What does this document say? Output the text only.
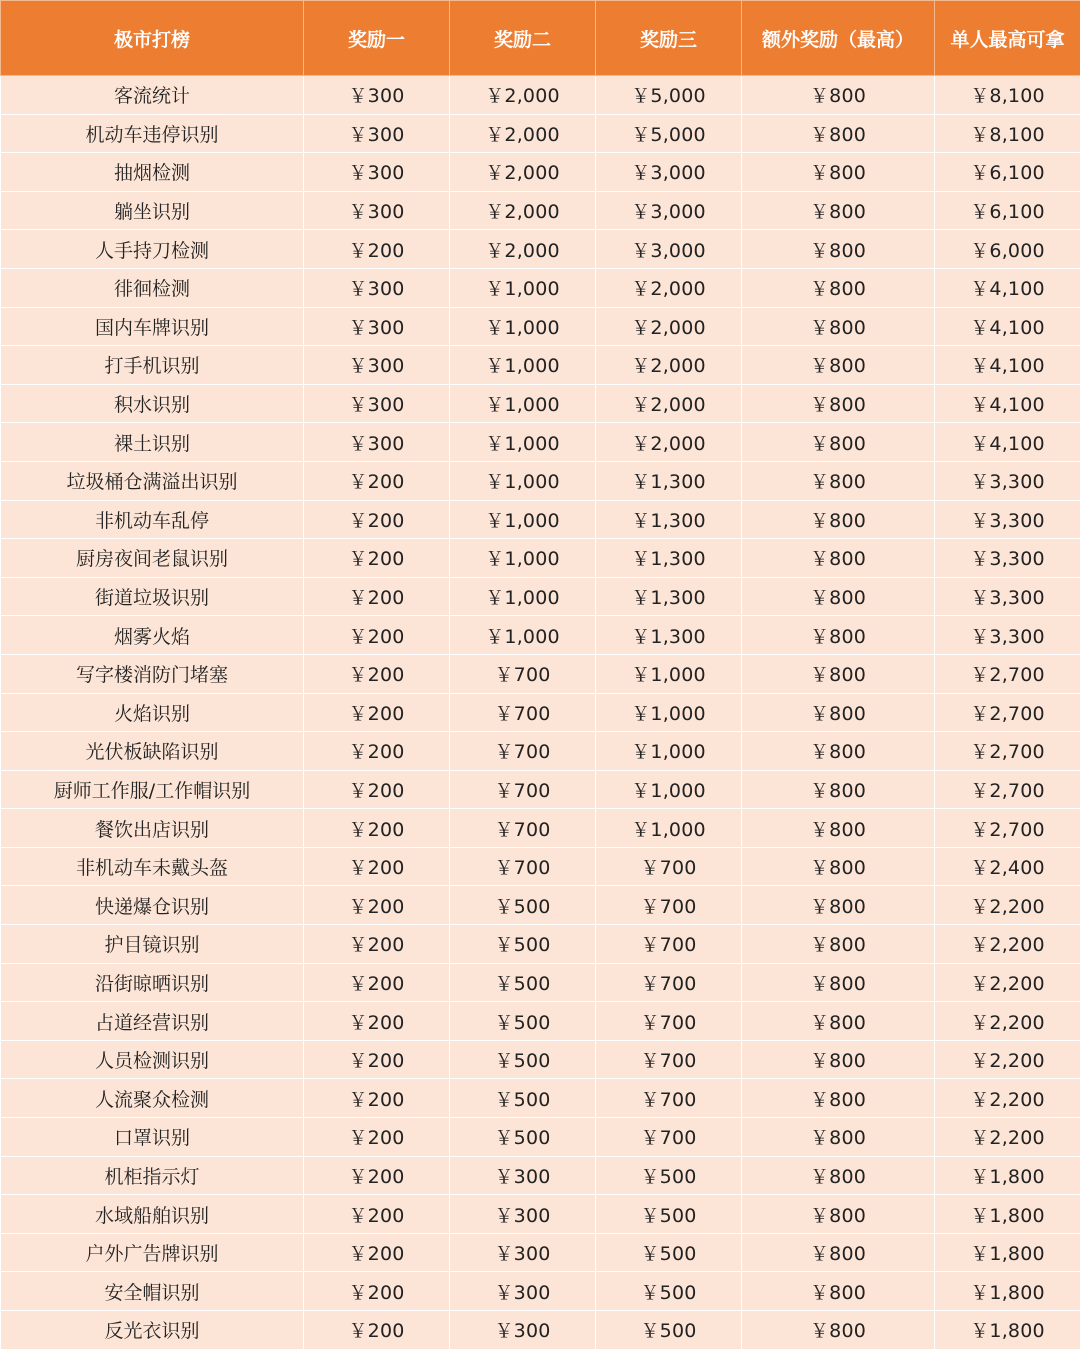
极市打榜	奖励一	奖励二	奖励三	额外奖励（最高）	单人最高可拿
客流统计	￥300	￥2,000	￥5,000	￥800	￥8,100
机动车违停识别	￥300	￥2,000	￥5,000	￥800	￥8,100
抽烟检测	￥300	￥2,000	￥3,000	￥800	￥6,100
躺坐识别	￥300	￥2,000	￥3,000	￥800	￥6,100
人手持刀检测	￥200	￥2,000	￥3,000	￥800	￥6,000
徘徊检测	￥300	￥1,000	￥2,000	￥800	￥4,100
国内车牌识别	￥300	￥1,000	￥2,000	￥800	￥4,100
打手机识别	￥300	￥1,000	￥2,000	￥800	￥4,100
积水识别	￥300	￥1,000	￥2,000	￥800	￥4,100
裸土识别	￥300	￥1,000	￥2,000	￥800	￥4,100
垃圾桶仓满溢出识别	￥200	￥1,000	￥1,300	￥800	￥3,300
非机动车乱停	￥200	￥1,000	￥1,300	￥800	￥3,300
厨房夜间老鼠识别	￥200	￥1,000	￥1,300	￥800	￥3,300
街道垃圾识别	￥200	￥1,000	￥1,300	￥800	￥3,300
烟雾火焰	￥200	￥1,000	￥1,300	￥800	￥3,300
写字楼消防门堵塞	￥200	￥700	￥1,000	￥800	￥2,700
火焰识别	￥200	￥700	￥1,000	￥800	￥2,700
光伏板缺陷识别	￥200	￥700	￥1,000	￥800	￥2,700
厨师工作服/工作帽识别	￥200	￥700	￥1,000	￥800	￥2,700
餐饮出店识别	￥200	￥700	￥1,000	￥800	￥2,700
非机动车未戴头盔	￥200	￥700	￥700	￥800	￥2,400
快递爆仓识别	￥200	￥500	￥700	￥800	￥2,200
护目镜识别	￥200	￥500	￥700	￥800	￥2,200
沿街晾晒识别	￥200	￥500	￥700	￥800	￥2,200
占道经营识别	￥200	￥500	￥700	￥800	￥2,200
人员检测识别	￥200	￥500	￥700	￥800	￥2,200
人流聚众检测	￥200	￥500	￥700	￥800	￥2,200
口罩识别	￥200	￥500	￥700	￥800	￥2,200
机柜指示灯	￥200	￥300	￥500	￥800	￥1,800
水域船舶识别	￥200	￥300	￥500	￥800	￥1,800
户外广告牌识别	￥200	￥300	￥500	￥800	￥1,800
安全帽识别	￥200	￥300	￥500	￥800	￥1,800
反光衣识别	￥200	￥300	￥500	￥800	￥1,800
